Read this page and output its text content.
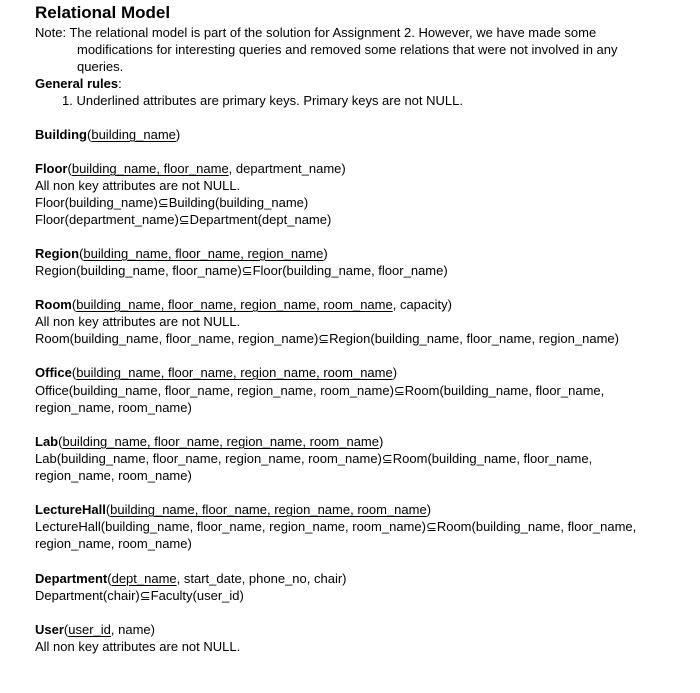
Relational Model
Note: The relational model is part of the solution for Assignment 2. However, we have made some
modifications for interesting queries and removed some relations that were not involved in any
queries.
General rules:
1. Underlined attributes are primary keys. Primary keys are not NULL.
Building(building_name)
Floor(building_name, floor_name, department_name)
All non key attributes are not NULL.
Floor(building_name)⊆Building(building_name)
Floor(department_name)⊆Department(dept_name)
Region(building_name, floor_name, region_name)
Region(building_name, floor_name)⊆Floor(building_name, floor_name)
Room(building_name, floor_name, region_name, room_name, capacity)
All non key attributes are not NULL.
Room(building_name, floor_name, region_name)⊆Region(building_name, floor_name, region_name)
Office(building_name, floor_name, region_name, room_name)
Office(building_name, floor_name, region_name, room_name)⊆Room(building_name, floor_name,
region_name, room_name)
Lab(building_name, floor_name, region_name, room_name)
Lab(building_name, floor_name, region_name, room_name)⊆Room(building_name, floor_name,
region_name, room_name)
LectureHall(building_name, floor_name, region_name, room_name)
LectureHall(building_name, floor_name, region_name, room_name)⊆Room(building_name, floor_name,
region_name, room_name)
Department(dept_name, start_date, phone_no, chair)
Department(chair)⊆Faculty(user_id)
User(user_id, name)
All non key attributes are not NULL.
